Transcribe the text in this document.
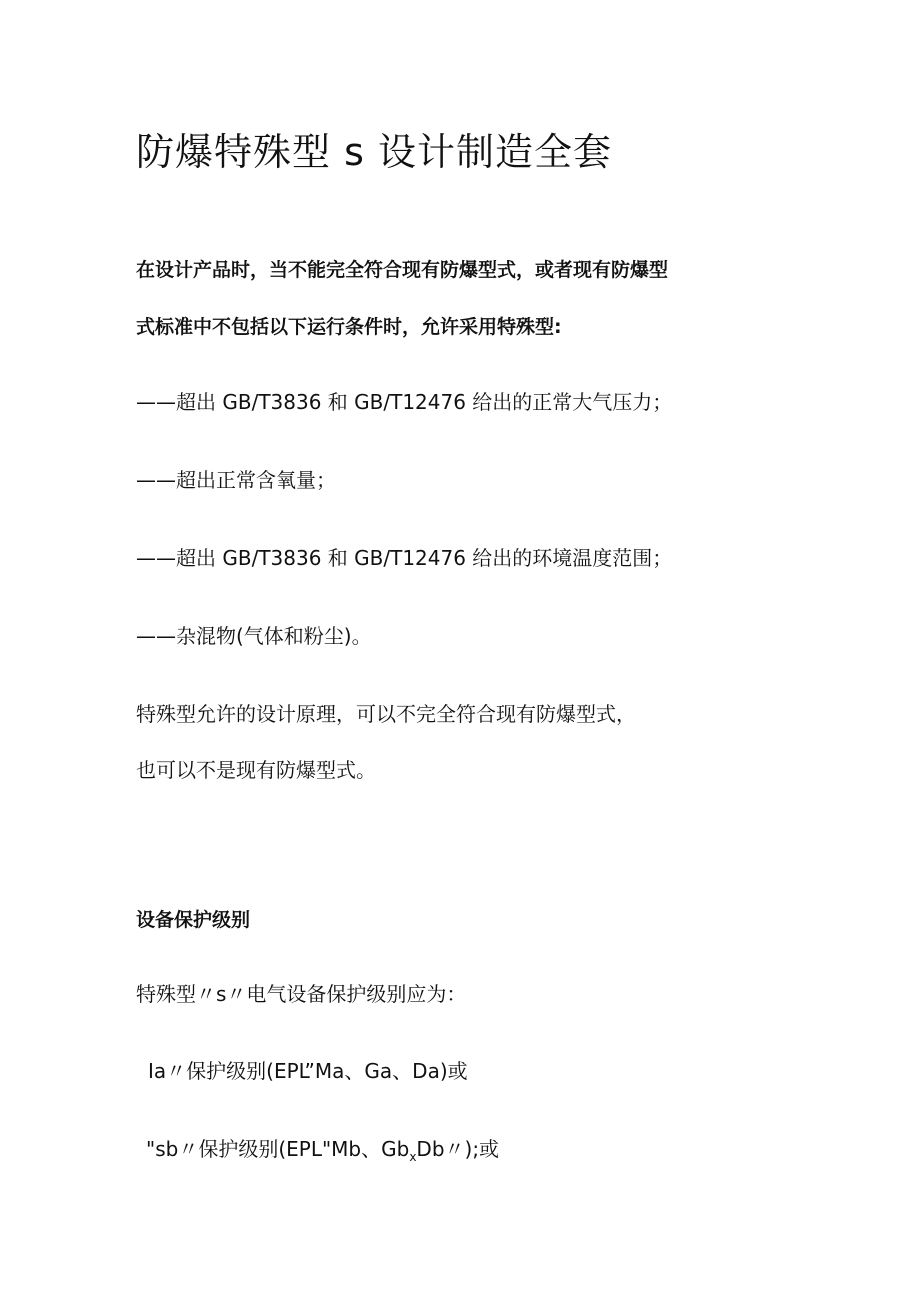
防爆特殊型 s 设计制造全套
在设计产品时，当不能完全符合现有防爆型式，或者现有防爆型
式标准中不包括以下运行条件时，允许采用特殊型:
——超出 GB/T3836 和 GB/T12476 给出的正常大气压力；
——超出正常含氧量；
——超出 GB/T3836 和 GB/T12476 给出的环境温度范围；
——杂混物(气体和粉尘)。
特殊型允许的设计原理，可以不完全符合现有防爆型式，
也可以不是现有防爆型式。
设备保护级别
特殊型〃s〃电气设备保护级别应为：
Ia〃保护级别(EPL”Ma、Ga、Da)或
"sb〃保护级别(EPL"Mb、$Gb_xDb$〃);或
